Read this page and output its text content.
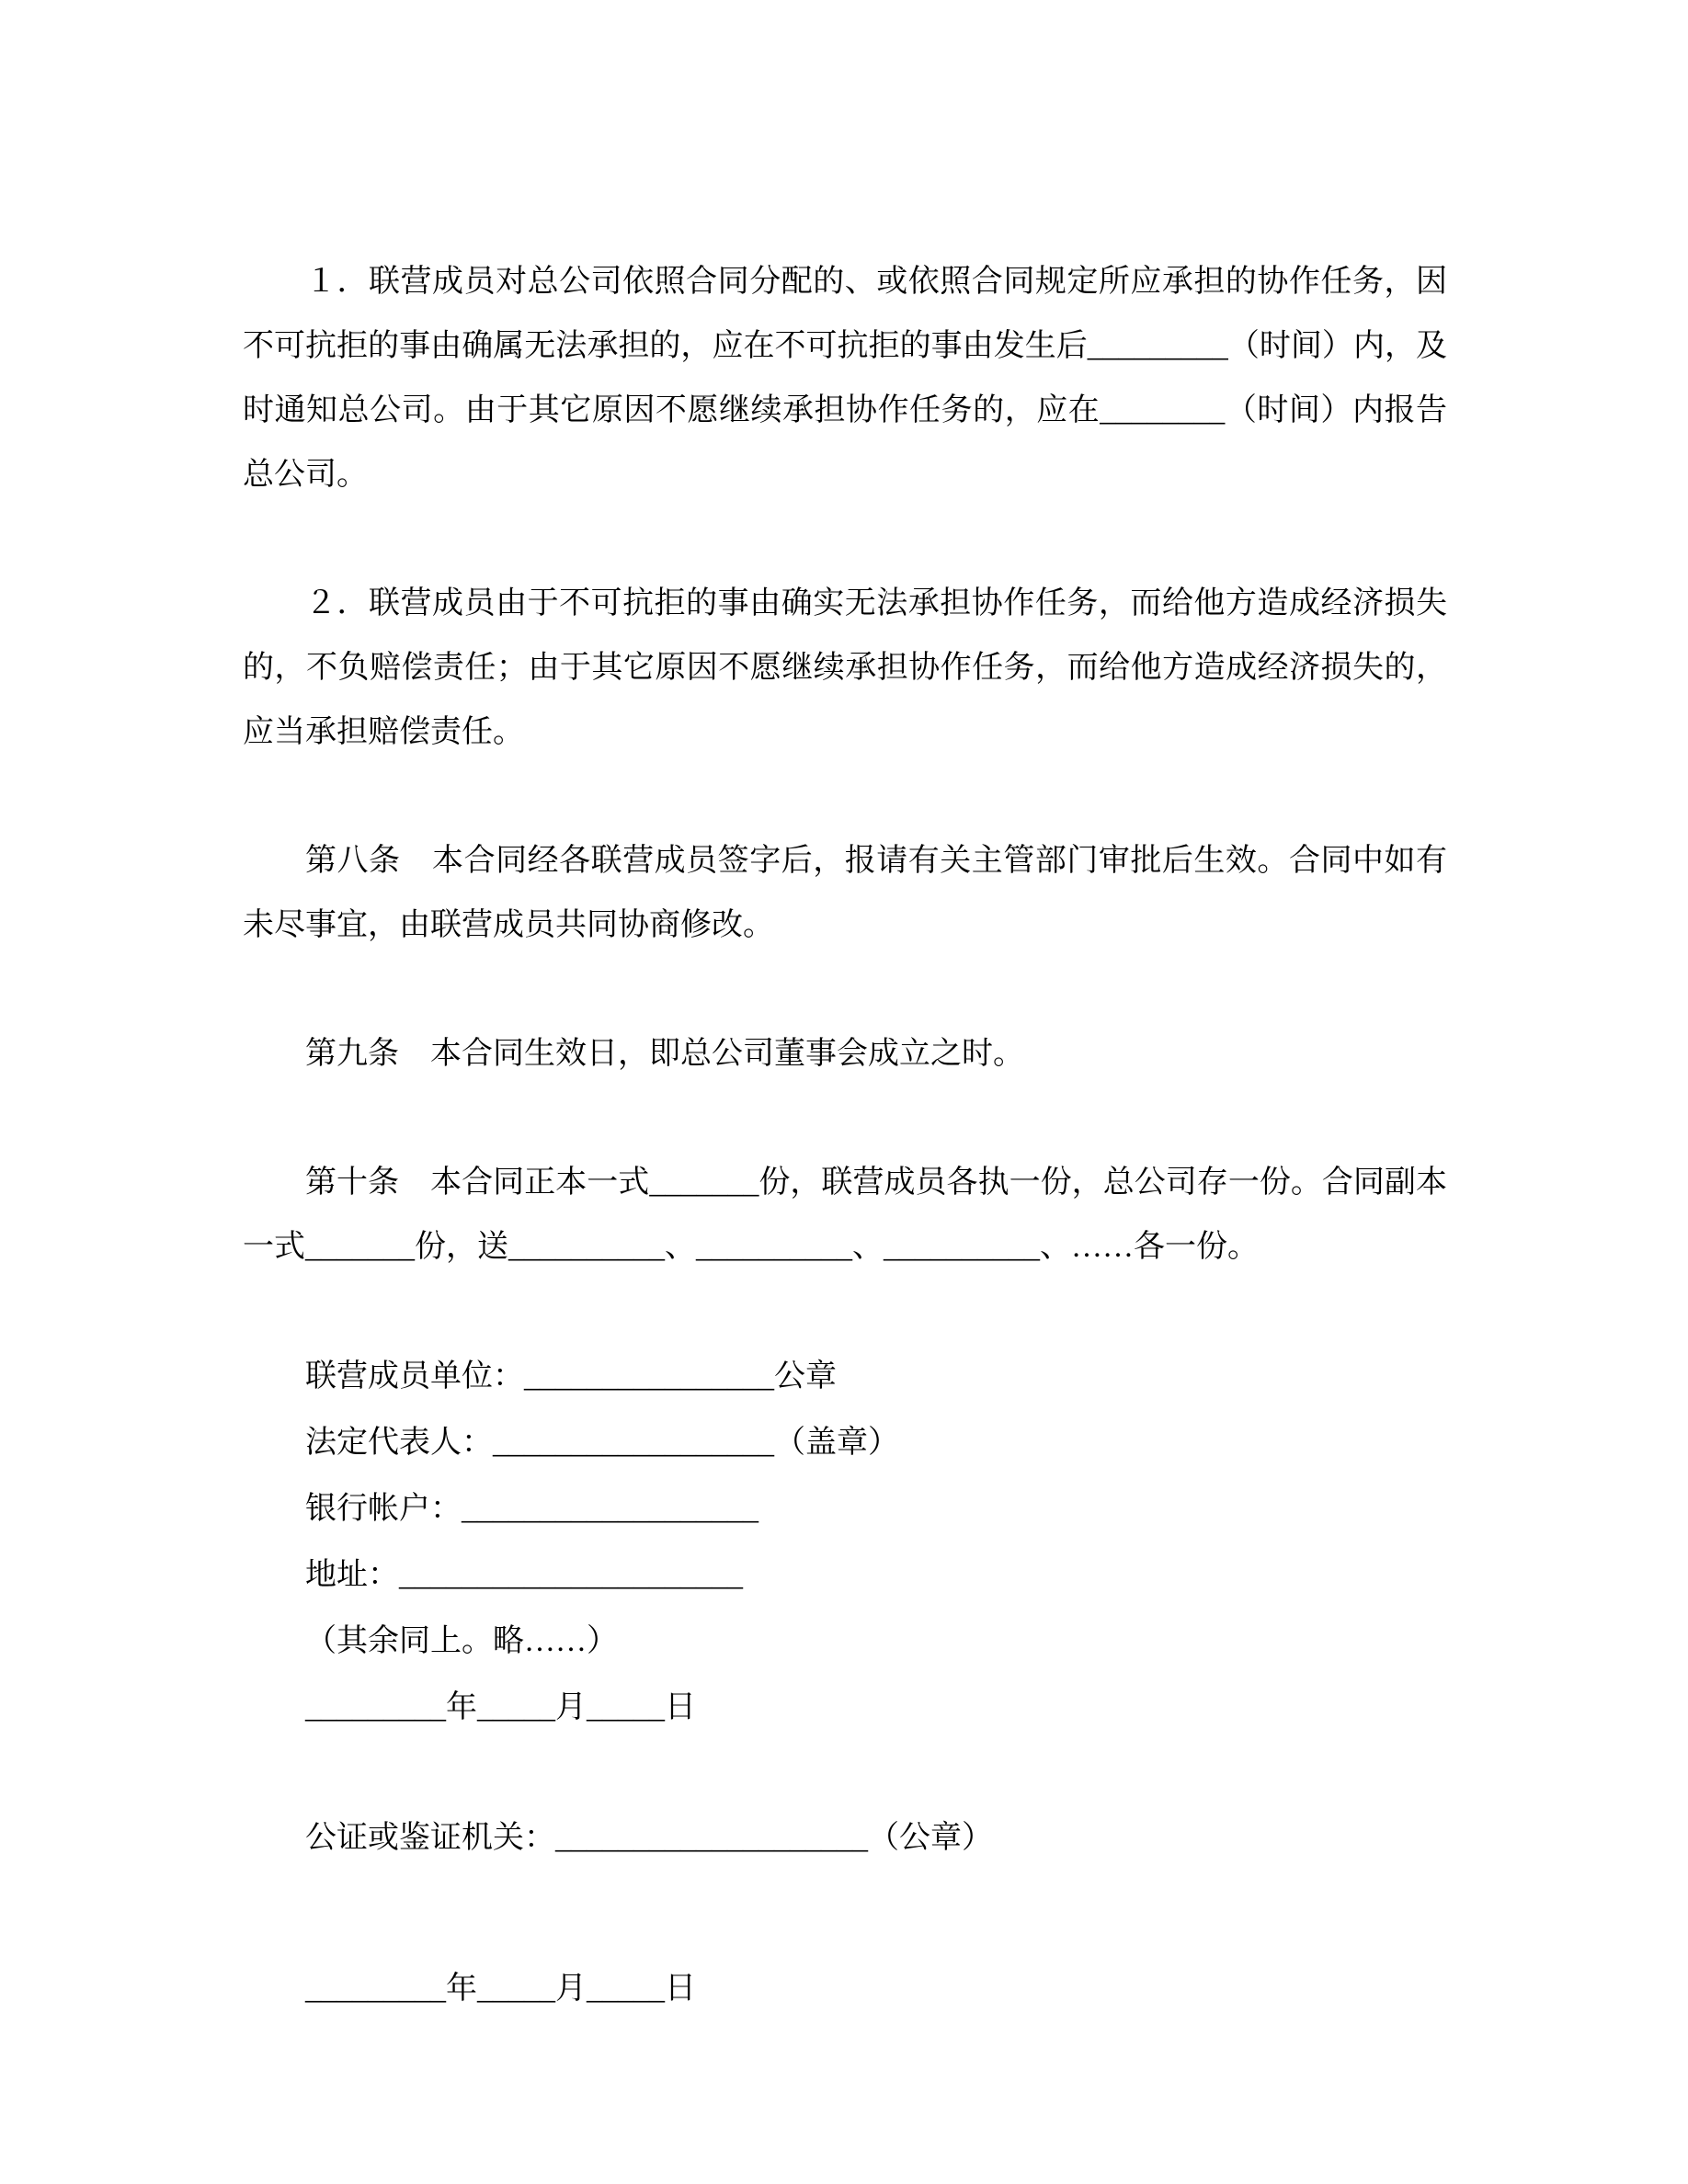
１．联营成员对总公司依照合同分配的、或依照合同规定所应承担的协作任务，因不可抗拒的事由确属无法承担的，应在不可抗拒的事由发生后_________（时间）内，及时通知总公司。由于其它原因不愿继续承担协作任务的，应在________（时间）内报告总公司。

２．联营成员由于不可抗拒的事由确实无法承担协作任务，而给他方造成经济损失的，不负赔偿责任；由于其它原因不愿继续承担协作任务，而给他方造成经济损失的，应当承担赔偿责任。

第八条　本合同经各联营成员签字后，报请有关主管部门审批后生效。合同中如有未尽事宜，由联营成员共同协商修改。

第九条　本合同生效日，即总公司董事会成立之时。

第十条　本合同正本一式_______份，联营成员各执一份，总公司存一份。合同副本一式_______份，送__________、__________、__________、……各一份。

联营成员单位：________________公章

法定代表人：__________________（盖章）

银行帐户：___________________

地址：______________________

（其余同上。略……）

_________年_____月_____日

公证或鉴证机关：____________________（公章）

_________年_____月_____日
